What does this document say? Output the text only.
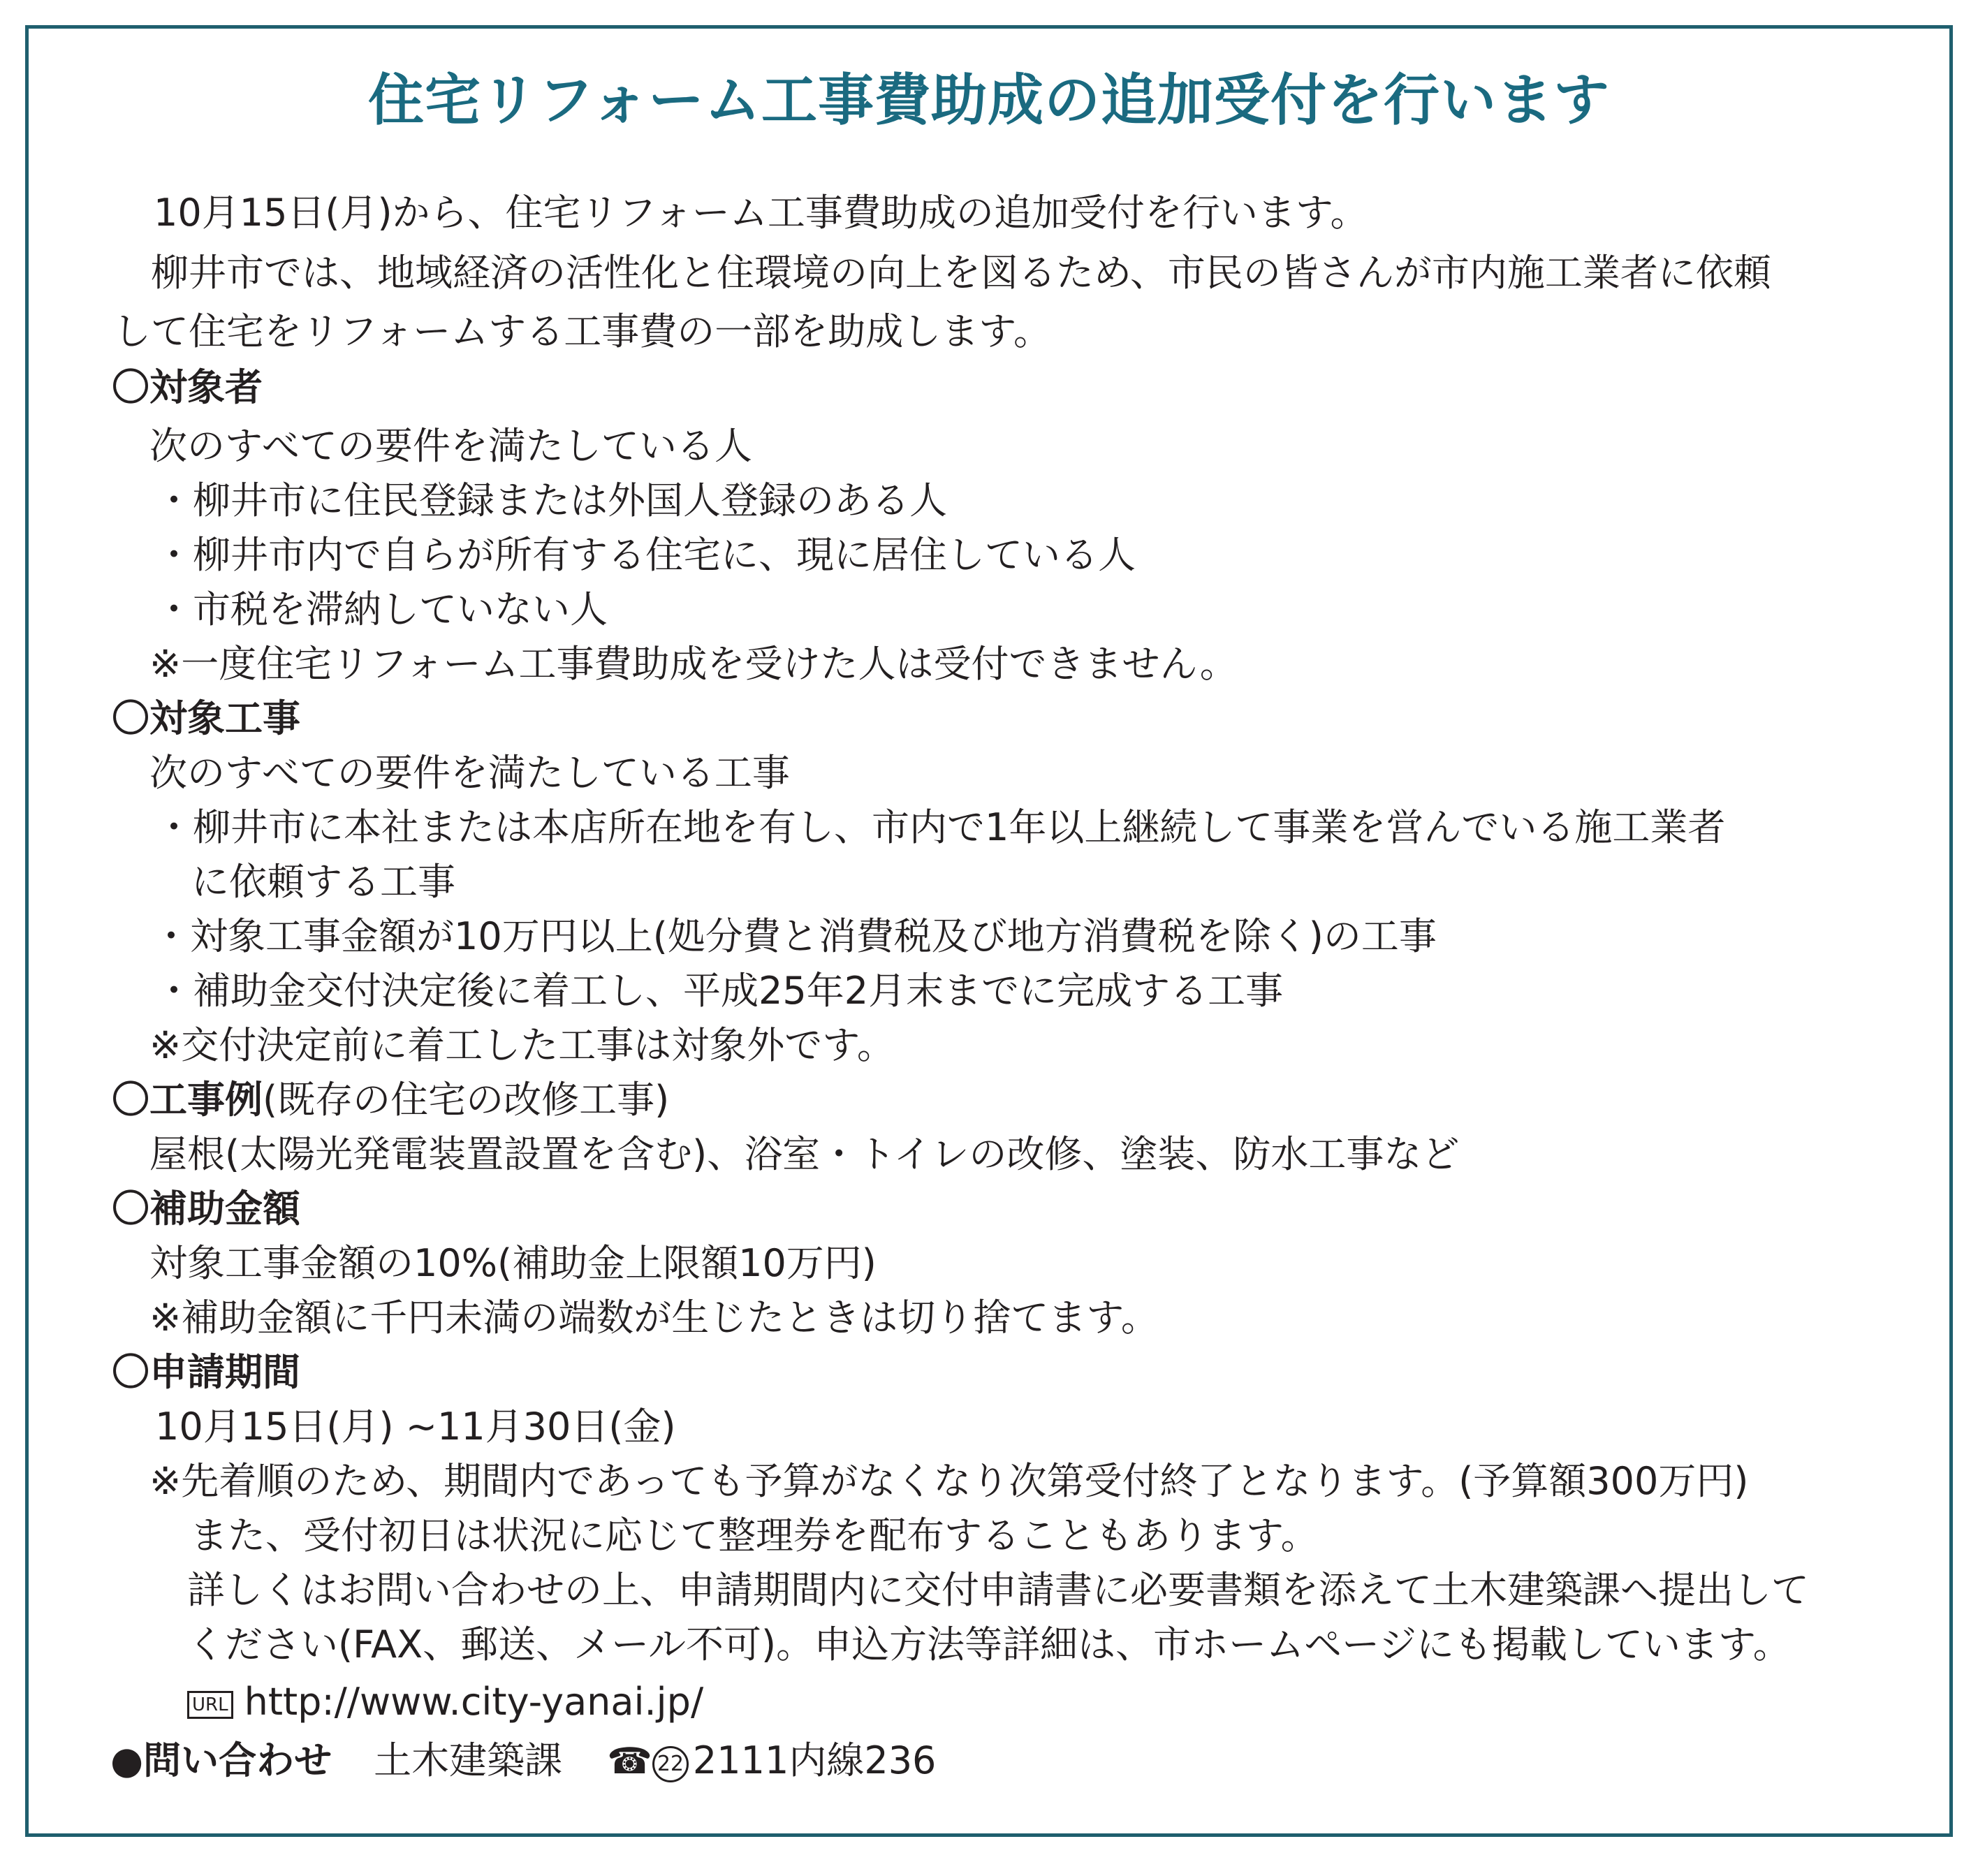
住宅リフォーム工事費助成の追加受付を行います
10月15日(月)から、住宅リフォーム工事費助成の追加受付を行います。
柳井市では、地域経済の活性化と住環境の向上を図るため、市民の皆さんが市内施工業者に依頼
して住宅をリフォームする工事費の一部を助成します。
〇対象者
次のすべての要件を満たしている人
・柳井市に住民登録または外国人登録のある人
・柳井市内で自らが所有する住宅に、現に居住している人
・市税を滞納していない人
※一度住宅リフォーム工事費助成を受けた人は受付できません。
〇対象工事
次のすべての要件を満たしている工事
・柳井市に本社または本店所在地を有し、市内で1年以上継続して事業を営んでいる施工業者
に依頼する工事
・対象工事金額が10万円以上(処分費と消費税及び地方消費税を除く)の工事
・補助金交付決定後に着工し、平成25年2月末までに完成する工事
※交付決定前に着工した工事は対象外です。
〇工事例(既存の住宅の改修工事)
屋根(太陽光発電装置設置を含む)、浴室・トイレの改修、塗装、防水工事など
〇補助金額
対象工事金額の10%(補助金上限額10万円)
※補助金額に千円未満の端数が生じたときは切り捨てます。
〇申請期間
10月15日(月) ~11月30日(金)
※先着順のため、期間内であっても予算がなくなり次第受付終了となります。(予算額300万円)
また、受付初日は状況に応じて整理券を配布することもあります。
詳しくはお問い合わせの上、申請期間内に交付申請書に必要書類を添えて土木建築課へ提出して
ください(FAX、郵送、メール不可)。申込方法等詳細は、市ホームページにも掲載しています。
URL http://www.city-yanai.jp/
●問い合わせ 土木建築課 ☎ 22 2111内線236
